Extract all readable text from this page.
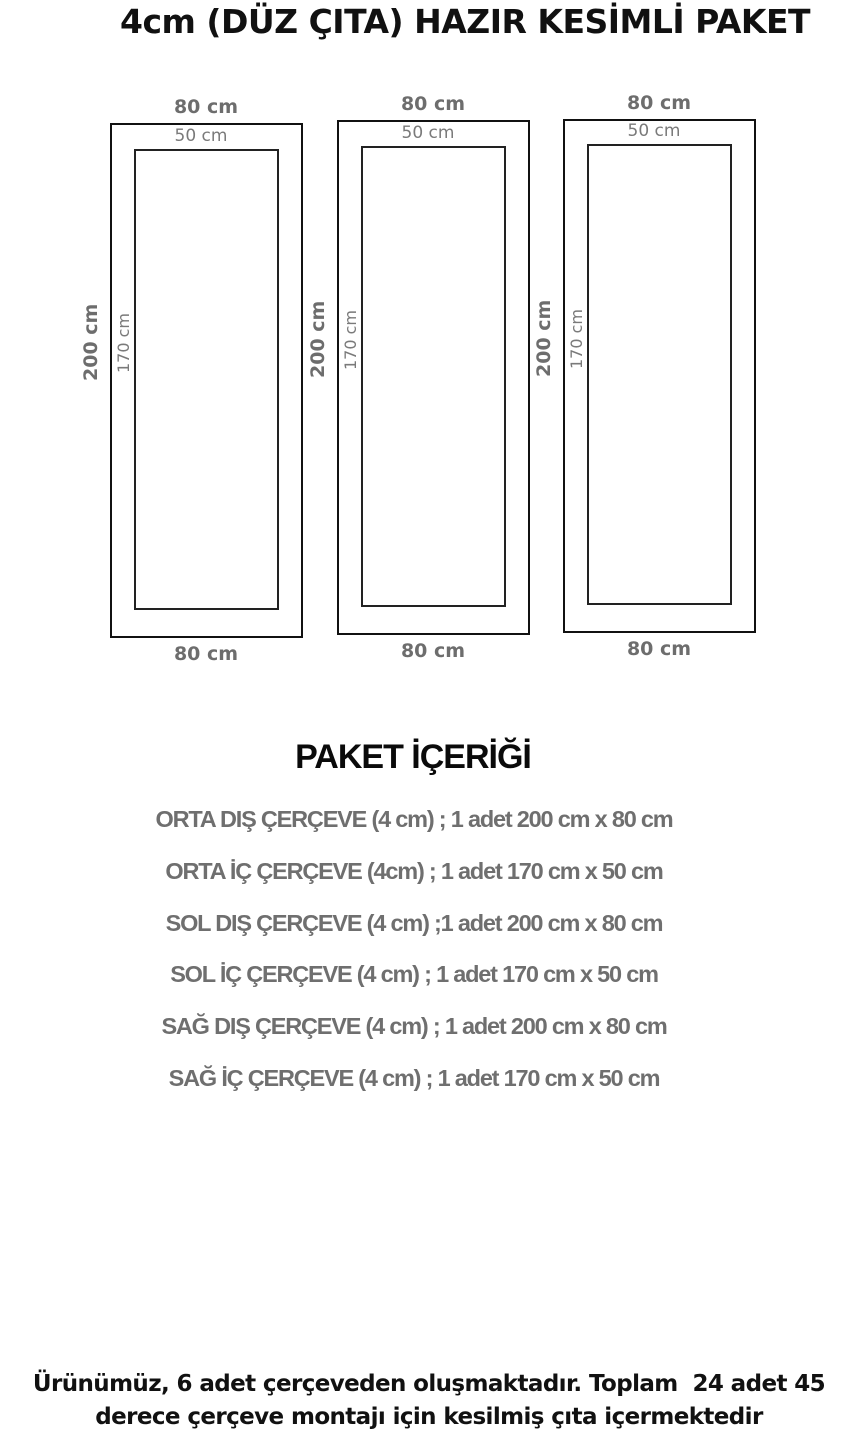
4cm (DÜZ ÇITA) HAZIR KESİMLİ PAKET
80 cm
50 cm
200 cm 170 cm
80 cm
80 cm
50 cm
200 cm 170 cm
80 cm
80 cm
50 cm
200 cm 170 cm
80 cm
PAKET İÇERİĞİ
ORTA DIŞ ÇERÇEVE (4 cm) ; 1 adet 200 cm x 80 cm
ORTA İÇ ÇERÇEVE (4cm) ; 1 adet 170 cm x 50 cm
SOL DIŞ ÇERÇEVE (4 cm) ;1 adet 200 cm x 80 cm
SOL İÇ ÇERÇEVE (4 cm) ; 1 adet 170 cm x 50 cm
SAĞ DIŞ ÇERÇEVE (4 cm) ; 1 adet 200 cm x 80 cm
SAĞ İÇ ÇERÇEVE (4 cm) ; 1 adet 170 cm x 50 cm
Ürünümüz, 6 adet çerçeveden oluşmaktadır. Toplam  24 adet 45
derece çerçeve montajı için kesilmiş çıta içermektedir
